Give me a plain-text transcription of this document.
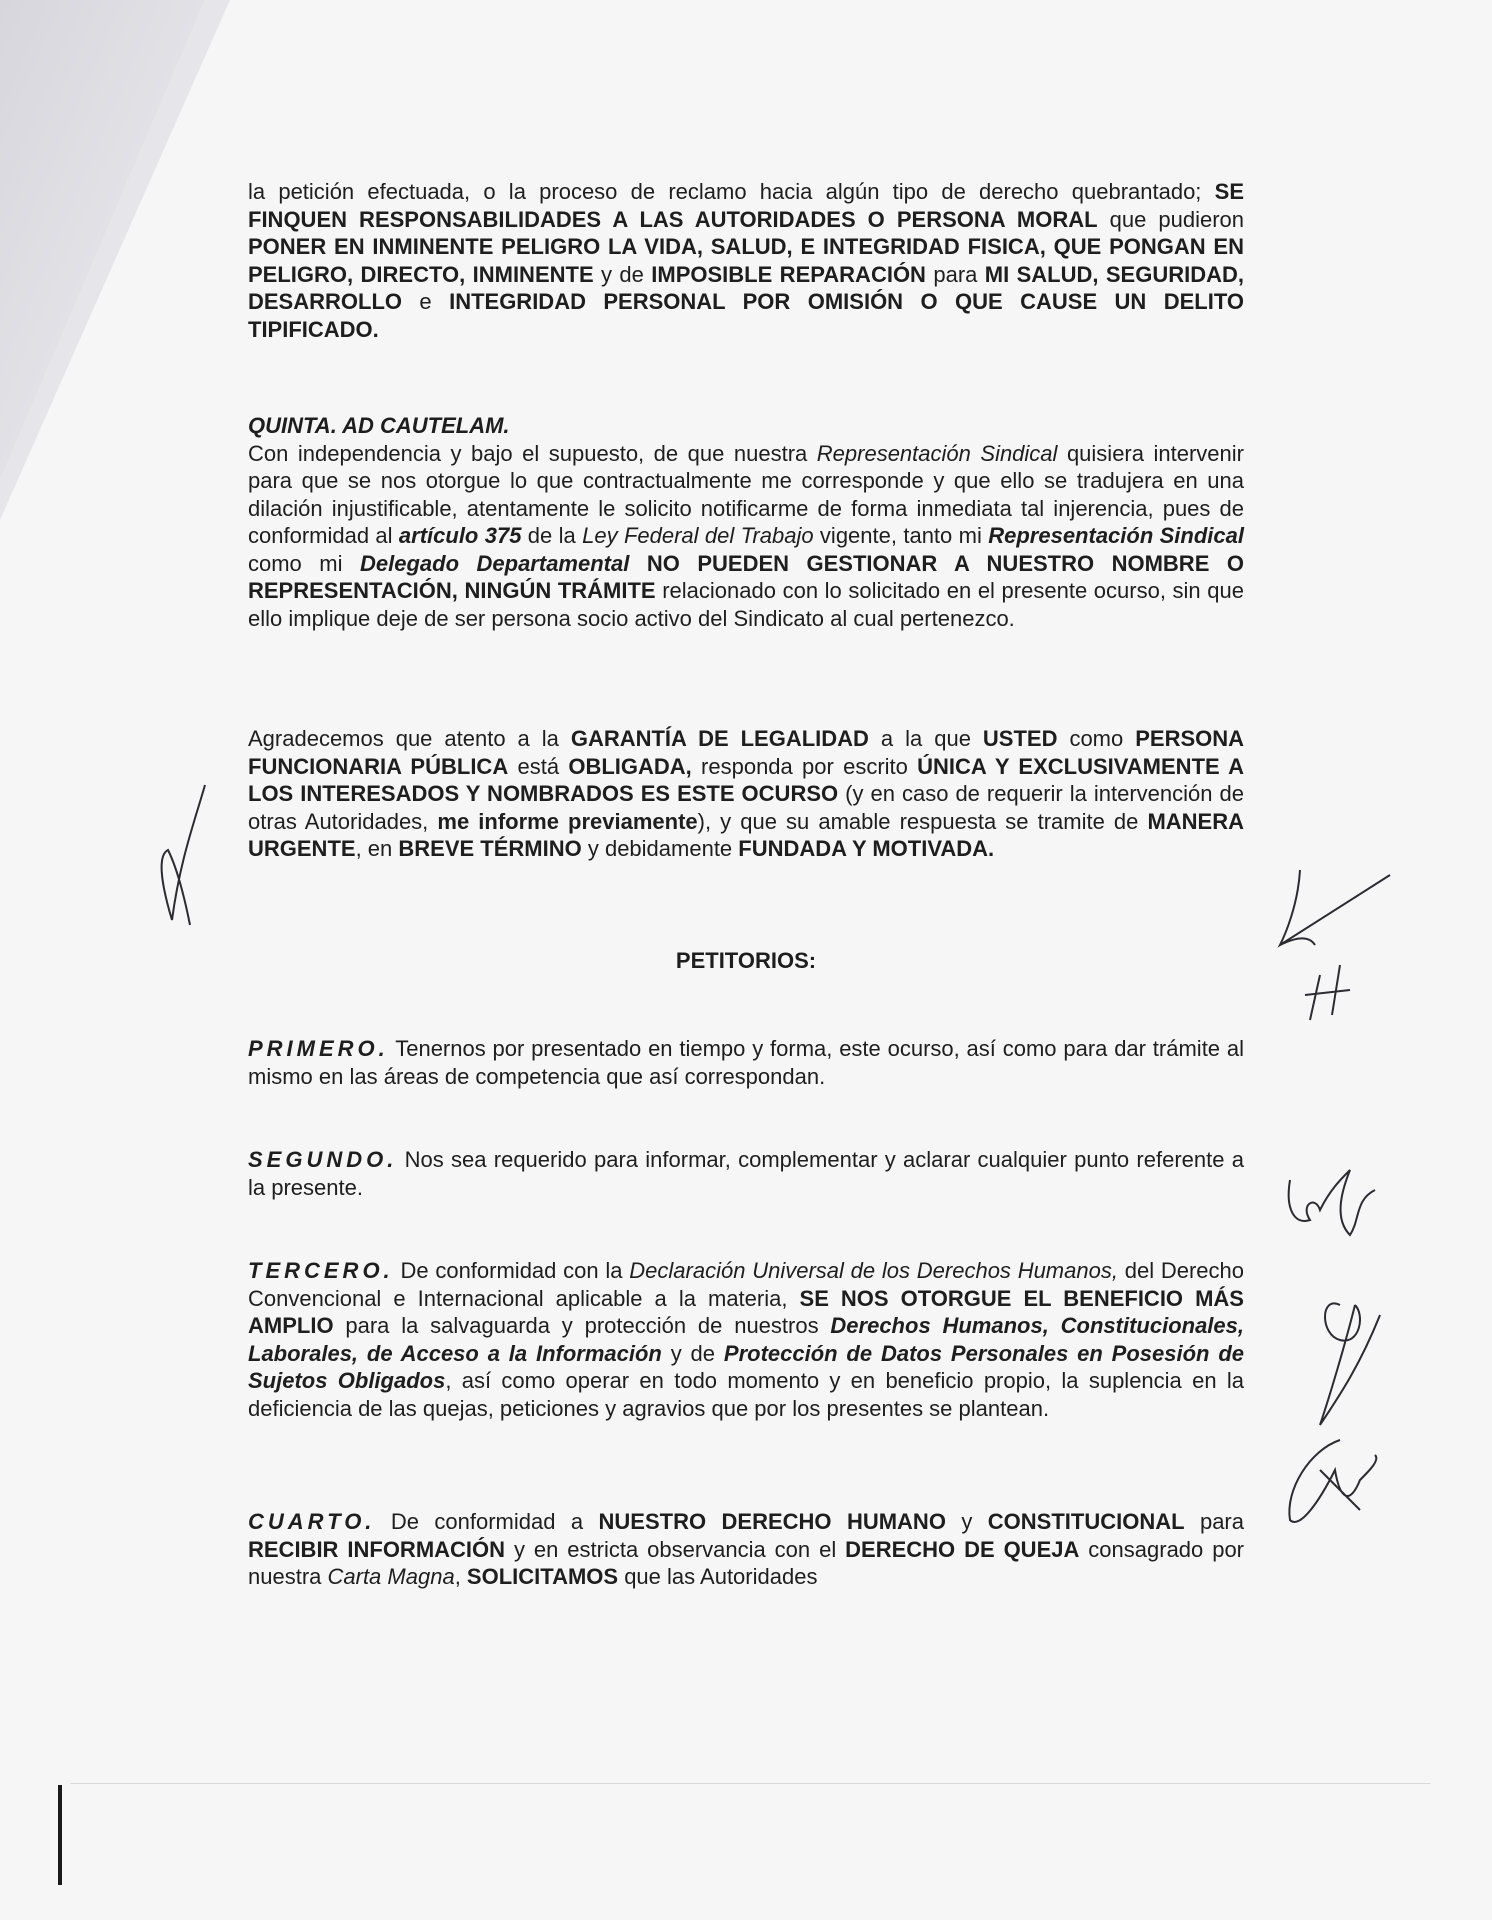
la petición efectuada, o la proceso de reclamo hacia algún tipo de derecho quebrantado; SE FINQUEN RESPONSABILIDADES A LAS AUTORIDADES O PERSONA MORAL que pudieron PONER EN INMINENTE PELIGRO LA VIDA, SALUD, E INTEGRIDAD FISICA, QUE PONGAN EN PELIGRO, DIRECTO, INMINENTE y de IMPOSIBLE REPARACIÓN para MI SALUD, SEGURIDAD, DESARROLLO e INTEGRIDAD PERSONAL POR OMISIÓN O QUE CAUSE UN DELITO TIPIFICADO.
QUINTA. AD CAUTELAM.
Con independencia y bajo el supuesto, de que nuestra Representación Sindical quisiera intervenir para que se nos otorgue lo que contractualmente me corresponde y que ello se tradujera en una dilación injustificable, atentamente le solicito notificarme de forma inmediata tal injerencia, pues de conformidad al artículo 375 de la Ley Federal del Trabajo vigente, tanto mi Representación Sindical como mi Delegado Departamental NO PUEDEN GESTIONAR A NUESTRO NOMBRE O REPRESENTACIÓN, NINGÚN TRÁMITE relacionado con lo solicitado en el presente ocurso, sin que ello implique deje de ser persona socio activo del Sindicato al cual pertenezco.
Agradecemos que atento a la GARANTÍA DE LEGALIDAD a la que USTED como PERSONA FUNCIONARIA PÚBLICA está OBLIGADA, responda por escrito ÚNICA Y EXCLUSIVAMENTE A LOS INTERESADOS Y NOMBRADOS ES ESTE OCURSO (y en caso de requerir la intervención de otras Autoridades, me informe previamente), y que su amable respuesta se tramite de MANERA URGENTE, en BREVE TÉRMINO y debidamente FUNDADA Y MOTIVADA.
PETITORIOS:
PRIMERO. Tenernos por presentado en tiempo y forma, este ocurso, así como para dar trámite al mismo en las áreas de competencia que así correspondan.
SEGUNDO. Nos sea requerido para informar, complementar y aclarar cualquier punto referente a la presente.
TERCERO. De conformidad con la Declaración Universal de los Derechos Humanos, del Derecho Convencional e Internacional aplicable a la materia, SE NOS OTORGUE EL BENEFICIO MÁS AMPLIO para la salvaguarda y protección de nuestros Derechos Humanos, Constitucionales, Laborales, de Acceso a la Información y de Protección de Datos Personales en Posesión de Sujetos Obligados, así como operar en todo momento y en beneficio propio, la suplencia en la deficiencia de las quejas, peticiones y agravios que por los presentes se plantean.
CUARTO. De conformidad a NUESTRO DERECHO HUMANO y CONSTITUCIONAL para RECIBIR INFORMACIÓN y en estricta observancia con el DERECHO DE QUEJA consagrado por nuestra Carta Magna, SOLICITAMOS que las Autoridades
